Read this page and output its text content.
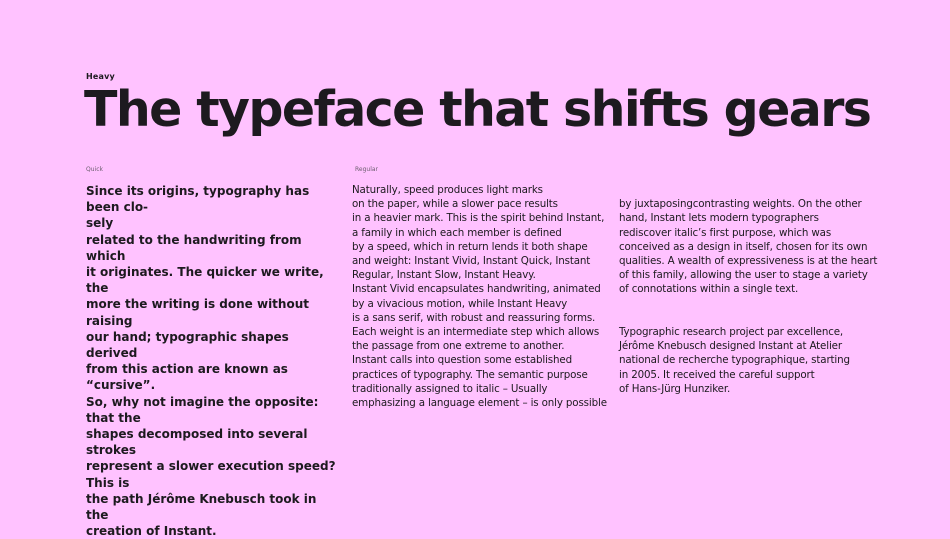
Heavy
The typeface that shifts gears
Quick	Regular
Since its origins, typography has been clo-
sely
related to the handwriting from which
it originates. The quicker we write, the
more the writing is done without raising
our hand; typographic shapes derived
from this action are known as “cursive”.
So, why not imagine the opposite: that the
shapes decomposed into several strokes
represent a slower execution speed? This is
the path Jérôme Knebusch took in the
creation of Instant.
Naturally, speed produces light marks
on the paper, while a slower pace results
in a heavier mark. This is the spirit behind Instant,
a family in which each member is defined
by a speed, which in return lends it both shape
and weight: Instant Vivid, Instant Quick, Instant
Regular, Instant Slow, Instant Heavy.
Instant Vivid encapsulates handwriting, animated
by a vivacious motion, while Instant Heavy
is a sans serif, with robust and reassuring forms.
Each weight is an intermediate step which allows
the passage from one extreme to another.
Instant calls into question some established
practices of typography. The semantic purpose
traditionally assigned to italic – Usually
emphasizing a language element – is only possible

by juxtaposingcontrasting weights. On the other
hand, Instant lets modern typographers
rediscover italic’s first purpose, which was
conceived as a design in itself, chosen for its own
qualities. A wealth of expressiveness is at the heart
of this family, allowing the user to stage a variety
of connotations within a single text.

Typographic research project par excellence,
Jérôme Knebusch designed Instant at Atelier
national de recherche typographique, starting
in 2005. It received the careful support
of Hans-Jürg Hunziker.
